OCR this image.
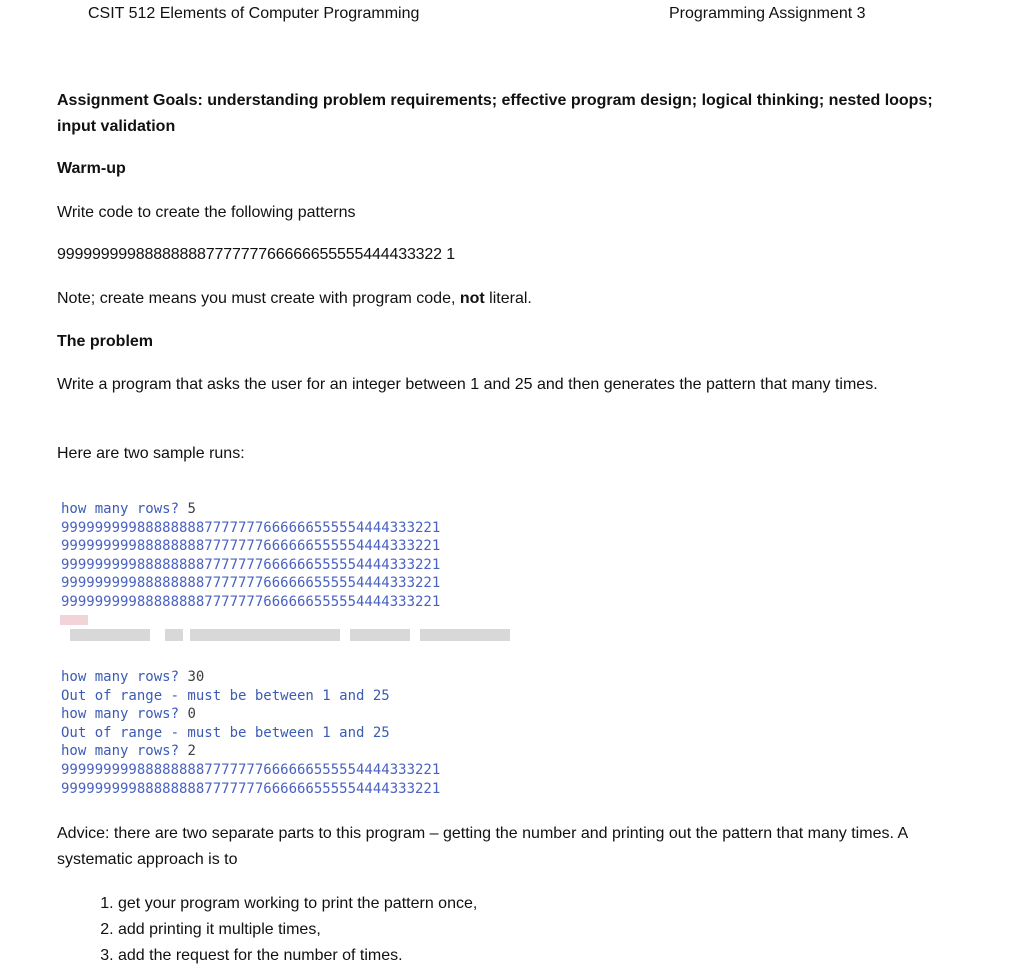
CSIT 512 Elements of Computer Programming	Programming Assignment 3
Assignment Goals: understanding problem requirements; effective program design; logical thinking; nested loops; input validation
Warm-up
Write code to create the following patterns
99999999988888888777777766666655555444433322 1
Note; create means you must create with program code, not literal.
The problem
Write a program that asks the user for an integer between 1 and 25 and then generates the pattern that many times.
Here are two sample runs:
how many rows? 5
999999999888888887777777666666555554444333221
999999999888888887777777666666555554444333221
999999999888888887777777666666555554444333221
999999999888888887777777666666555554444333221
999999999888888887777777666666555554444333221
how many rows? 30
Out of range - must be between 1 and 25
how many rows? 0
Out of range - must be between 1 and 25
how many rows? 2
999999999888888887777777666666555554444333221
999999999888888887777777666666555554444333221
Advice: there are two separate parts to this program – getting the number and printing out the pattern that many times. A systematic approach is to
1. get your program working to print the pattern once,
2. add printing it multiple times,
3. add the request for the number of times.
